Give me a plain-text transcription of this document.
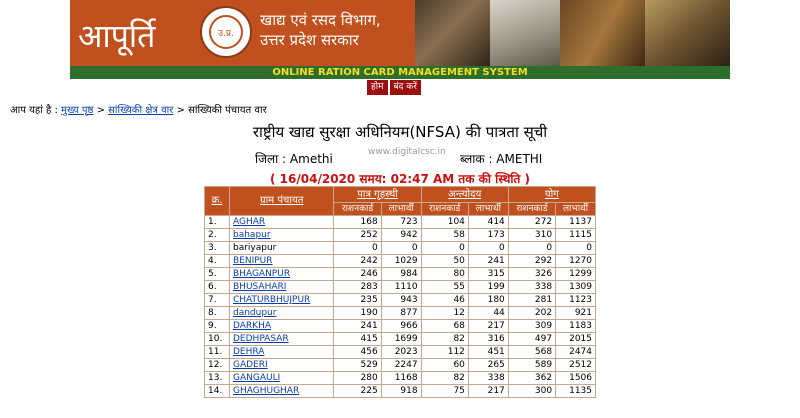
आपूर्ति	उ.प्र.
खाद्य एवं रसद विभाग,
उत्तर प्रदेश सरकार
ONLINE RATION CARD MANAGEMENT SYSTEM
होम	बंद करें
आप यहां है : मुख्य पृष्ठ > सांख्यिकी क्षेत्र वार > सांख्यिकी पंचायत वार
राष्ट्रीय खाद्य सुरक्षा अधिनियम(NFSA) की पात्रता सूची
जिला : Amethi	www.digitalcsc.in ब्लाक : AMETHI
( 16/04/2020 समय: 02:47 AM तक की स्थिति )
क्र.	ग्राम पंचायत	पात्र गृहस्थी		अन्त्योदय		योग	
		राशनकार्ड	लाभार्थी	राशनकार्ड	लाभार्थी	राशनकार्ड	लाभार्थी
1.	AGHAR	168	723	104	414	272	1137
2.	bahapur	252	942	58	173	310	1115
3.	bariyapur	0	0	0	0	0	0
4.	BENIPUR	242	1029	50	241	292	1270
5.	BHAGANPUR	246	984	80	315	326	1299
6.	BHUSAHARI	283	1110	55	199	338	1309
7.	CHATURBHUJPUR	235	943	46	180	281	1123
8.	dandupur	190	877	12	44	202	921
9.	DARKHA	241	966	68	217	309	1183
10.	DEDHPASAR	415	1699	82	316	497	2015
11.	DEHRA	456	2023	112	451	568	2474
12.	GADERI	529	2247	60	265	589	2512
13.	GANGAULI	280	1168	82	338	362	1506
14.	GHAGHUGHAR	225	918	75	217	300	1135
